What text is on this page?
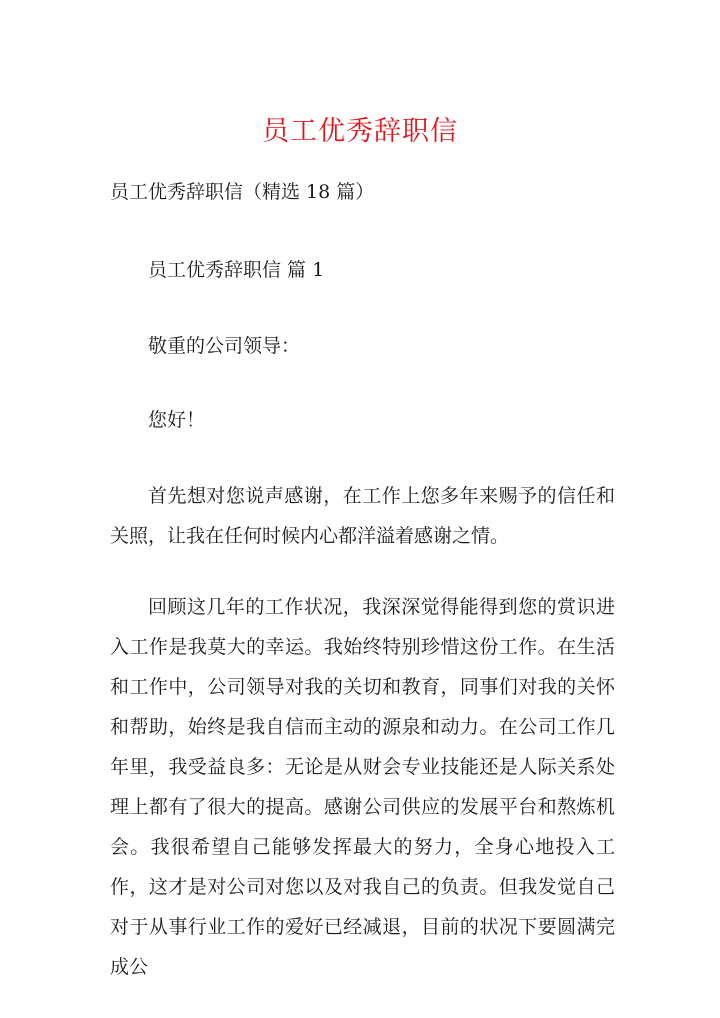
员工优秀辞职信

员工优秀辞职信（精选 18 篇）

员工优秀辞职信 篇 1

敬重的公司领导：

您好！

首先想对您说声感谢，在工作上您多年来赐予的信任和关照，让我在任何时候内心都洋溢着感谢之情。

回顾这几年的工作状况，我深深觉得能得到您的赏识进入工作是我莫大的幸运。我始终特别珍惜这份工作。在生活和工作中，公司领导对我的关切和教育，同事们对我的关怀和帮助，始终是我自信而主动的源泉和动力。在公司工作几年里，我受益良多：无论是从财会专业技能还是人际关系处理上都有了很大的提高。感谢公司供应的发展平台和熬炼机会。我很希望自己能够发挥最大的努力，全身心地投入工作，这才是对公司对您以及对我自己的负责。但我发觉自己对于从事行业工作的爱好已经减退，目前的状况下要圆满完成公
